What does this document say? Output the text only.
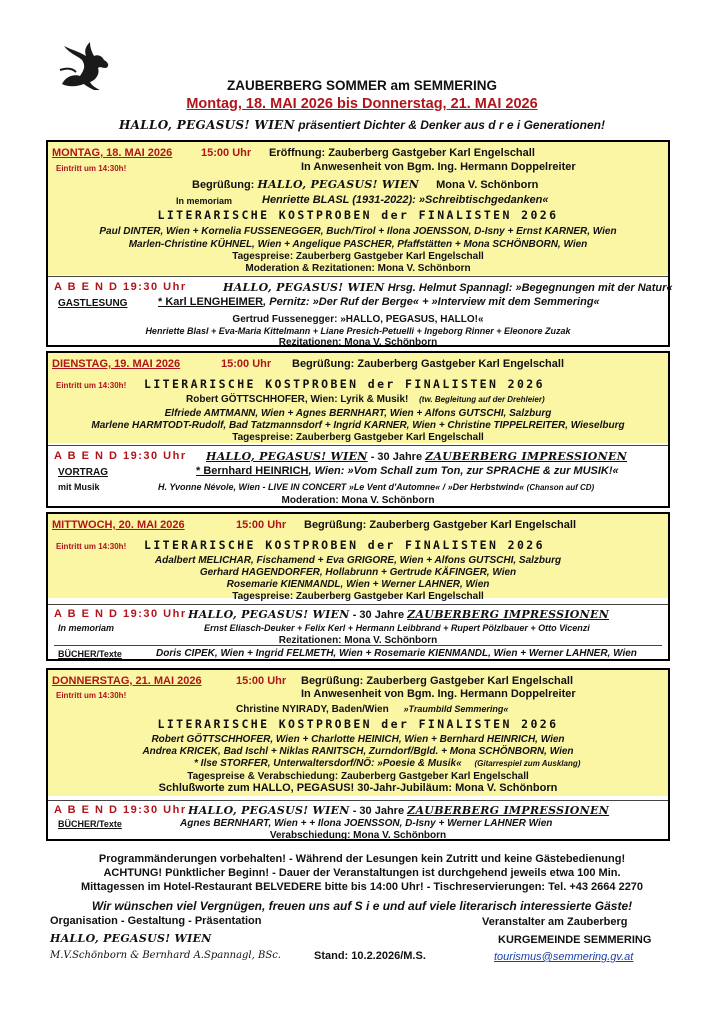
ZAUBERBERG SOMMER am SEMMERING
Montag, 18. MAI 2026 bis Donnerstag, 21. MAI 2026
HALLO, PEGASUS! WIEN präsentiert Dichter & Denker aus d r e i Generationen!
MONTAG, 18. MAI 2026	15:00 Uhr Eröffnung: Zauberberg Gastgeber Karl Engelschall
Eintritt um 14:30h!	In Anwesenheit von Bgm. Ing. Hermann Doppelreiter
Begrüßung: HALLO, PEGASUS! WIEN Mona V. Schönborn
In memoriam	Henriette BLASL (1931-2022): »Schreibtischgedanken«
LITERARISCHE KOSTPROBEN der FINALISTEN 2026
Paul DINTER, Wien + Kornelia FUSSENEGGER, Buch/Tirol + Ilona JOENSSON, D-Isny + Ernst KARNER, Wien
Marlen-Christine KÜHNEL, Wien + Angelique PASCHER, Pfaffstätten + Mona SCHÖNBORN, Wien
Tagespreise: Zauberberg Gastgeber Karl Engelschall
Moderation & Rezitationen: Mona V. Schönborn
A B E N D 19:30 Uhr	HALLO, PEGASUS! WIEN Hrsg. Helmut Spannagl: »Begegnungen mit der Natur«
GASTLESUNG	* Karl LENGHEIMER, Pernitz: »Der Ruf der Berge« + »Interview mit dem Semmering«
Gertrud Fussenegger: »HALLO, PEGASUS, HALLO!«
Henriette Blasl + Eva-Maria Kittelmann + Liane Presich-Petuelli + Ingeborg Rinner + Eleonore Zuzak
Rezitationen: Mona V. Schönborn
DIENSTAG, 19. MAI 2026	15:00 Uhr Begrüßung: Zauberberg Gastgeber Karl Engelschall
Eintritt um 14:30h! LITERARISCHE KOSTPROBEN der FINALISTEN 2026
Robert GÖTTSCHHOFER, Wien: Lyrik & Musik! (tw. Begleitung auf der Drehleier)
Elfriede AMTMANN, Wien + Agnes BERNHART, Wien + Alfons GUTSCHI, Salzburg
Marlene HARMTODT-Rudolf, Bad Tatzmannsdorf + Ingrid KARNER, Wien + Christine TIPPELREITER, Wieselburg
Tagespreise: Zauberberg Gastgeber Karl Engelschall
A B E N D 19:30 Uhr HALLO, PEGASUS! WIEN - 30 Jahre ZAUBERBERG IMPRESSIONEN
VORTRAG	* Bernhard HEINRICH, Wien: »Vom Schall zum Ton, zur SPRACHE & zur MUSIK!«
mit Musik	H. Yvonne Névole, Wien - LIVE IN CONCERT »Le Vent d'Automne« / »Der Herbstwind« (Chanson auf CD)
Moderation: Mona V. Schönborn
MITTWOCH, 20. MAI 2026	15:00 Uhr Begrüßung: Zauberberg Gastgeber Karl Engelschall
Eintritt um 14:30h! LITERARISCHE KOSTPROBEN der FINALISTEN 2026
Adalbert MELICHAR, Fischamend + Eva GRIGORE, Wien + Alfons GUTSCHI, Salzburg
Gerhard HAGENDORFER, Hollabrunn + Gertrude KÄFINGER, Wien
Rosemarie KIENMANDL, Wien + Werner LAHNER, Wien
Tagespreise: Zauberberg Gastgeber Karl Engelschall
A B E N D 19:30 Uhr HALLO, PEGASUS! WIEN - 30 Jahre ZAUBERBERG IMPRESSIONEN
In memoriam	Ernst Eliasch-Deuker + Felix Kerl + Hermann Leibbrand + Rupert Pölzlbauer + Otto Vicenzi
Rezitationen: Mona V. Schönborn
BÜCHER/Texte	Doris CIPEK, Wien + Ingrid FELMETH, Wien + Rosemarie KIENMANDL, Wien + Werner LAHNER, Wien
DONNERSTAG, 21. MAI 2026	15:00 Uhr Begrüßung: Zauberberg Gastgeber Karl Engelschall
Eintritt um 14:30h!	In Anwesenheit von Bgm. Ing. Hermann Doppelreiter
Christine NYIRADY, Baden/Wien »Traumbild Semmering«
LITERARISCHE KOSTPROBEN der FINALISTEN 2026
Robert GÖTTSCHHOFER, Wien + Charlotte HEINICH, Wien + Bernhard HEINRICH, Wien
Andrea KRICEK, Bad Ischl + Niklas RANITSCH, Zurndorf/Bgld. + Mona SCHÖNBORN, Wien
* Ilse STORFER, Unterwaltersdorf/NÖ: »Poesie & Musik« (Gitarrespiel zum Ausklang)
Tagespreise & Verabschiedung: Zauberberg Gastgeber Karl Engelschall
Schlußworte zum HALLO, PEGASUS! 30-Jahr-Jubiläum: Mona V. Schönborn
A B E N D 19:30 Uhr HALLO, PEGASUS! WIEN - 30 Jahre ZAUBERBERG IMPRESSIONEN
BÜCHER/Texte	Agnes BERNHART, Wien + + Ilona JOENSSON, D-Isny + Werner LAHNER Wien
Verabschiedung: Mona V. Schönborn
Programmänderungen vorbehalten! - Während der Lesungen kein Zutritt und keine Gästebedienung!
ACHTUNG! Pünktlicher Beginn! - Dauer der Veranstaltungen ist durchgehend jeweils etwa 100 Min.
Mittagessen im Hotel-Restaurant BELVEDERE bitte bis 14:00 Uhr! - Tischreservierungen: Tel. +43 2664 2270
Wir wünschen viel Vergnügen, freuen uns auf S i e und auf viele literarisch interessierte Gäste!
Organisation - Gestaltung - Präsentation	Veranstalter am Zauberberg
HALLO, PEGASUS! WIEN	KURGEMEINDE SEMMERING
M.V.Schönborn & Bernhard A.Spannagl, BSc.	Stand: 10.2.2026/M.S.	tourismus@semmering.gv.at
